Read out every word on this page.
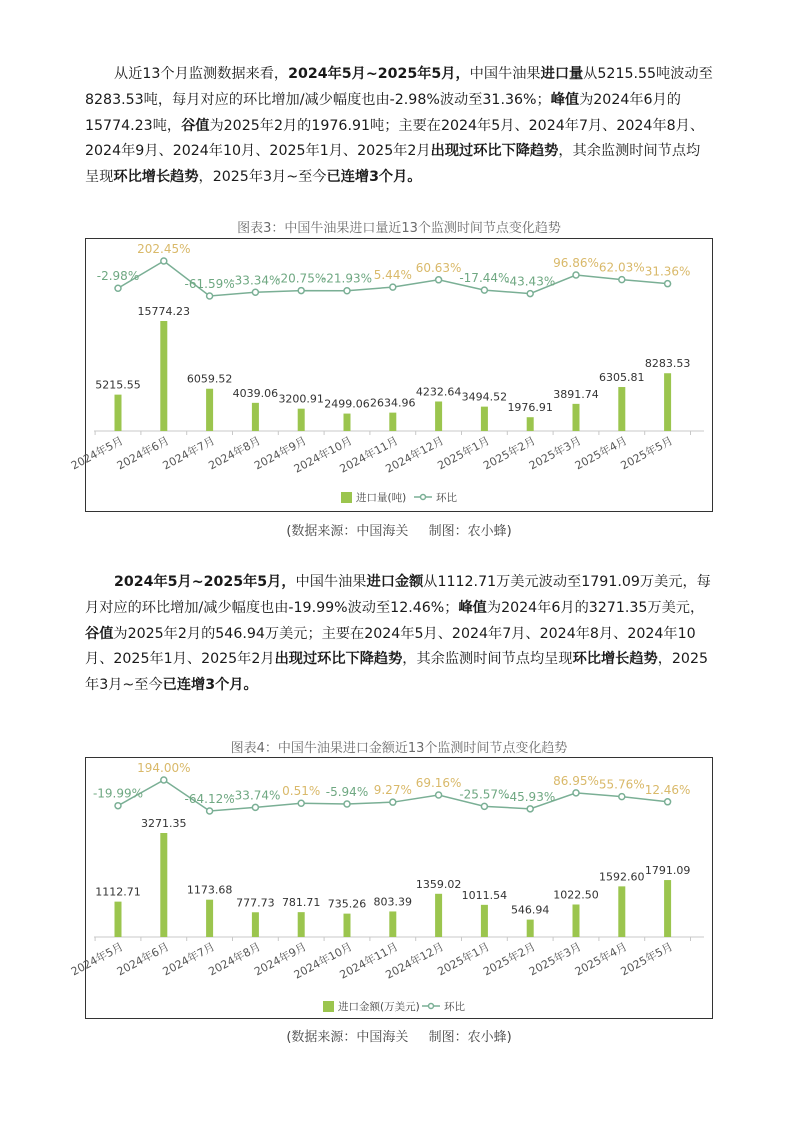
从近13个月监测数据来看，2024年5月~2025年5月，中国牛油果进口量从5215.55吨波动至8283.53吨，每月对应的环比增加/减少幅度也由-2.98%波动至31.36%；峰值为2024年6月的15774.23吨，谷值为2025年2月的1976.91吨；主要在2024年5月、2024年7月、2024年8月、2024年9月、2024年10月、2025年1月、2025年2月出现过环比下降趋势，其余监测时间节点均呈现环比增长趋势，2025年3月~至今已连增3个月。

图表3：中国牛油果进口量近13个监测时间节点变化趋势
5215.55
15774.23
6059.52
4039.06 3200.91 2499.06 2634.96
4232.64 3494.52
1976.91
3891.74
6305.81
8283.53
-2.98%
202.45%
-61.59%
-33.34%
-20.75%
-21.93% 5.44%
60.63%
-17.44%
-43.43%
96.86% 62.03% 31.36%
2024年5月
2024年6月
2024年7月
2024年8月
2024年9月
2024年10月
2024年11月
2024年12月
2025年1月
2025年2月
2025年3月
2025年4月
2025年5月
进口量(吨)	环比
(数据来源：中国海关 制图：农小蜂)

2024年5月~2025年5月，中国牛油果进口金额从1112.71万美元波动至1791.09万美元，每月对应的环比增加/减少幅度也由-19.99%波动至12.46%；峰值为2024年6月的3271.35万美元，谷值为2025年2月的546.94万美元；主要在2024年5月、2024年7月、2024年8月、2024年10月、2025年1月、2025年2月出现过环比下降趋势，其余监测时间节点均呈现环比增长趋势，2025年3月~至今已连增3个月。

图表4：中国牛油果进口金额近13个监测时间节点变化趋势
1112.71
3271.35
1173.68
777.73 781.71 735.26 803.39
1359.02
1011.54
546.94
1022.50
1592.60 1791.09
-19.99%
194.00%
-64.12%
-33.74% 0.51% -5.94% 9.27%
69.16%
-25.57%
-45.93%
86.95% 55.76% 12.46%
2024年5月
2024年6月
2024年7月
2024年8月
2024年9月
2024年10月
2024年11月
2024年12月
2025年1月
2025年2月
2025年3月
2025年4月
2025年5月
进口金额(万美元) 环比
(数据来源：中国海关 制图：农小蜂)
